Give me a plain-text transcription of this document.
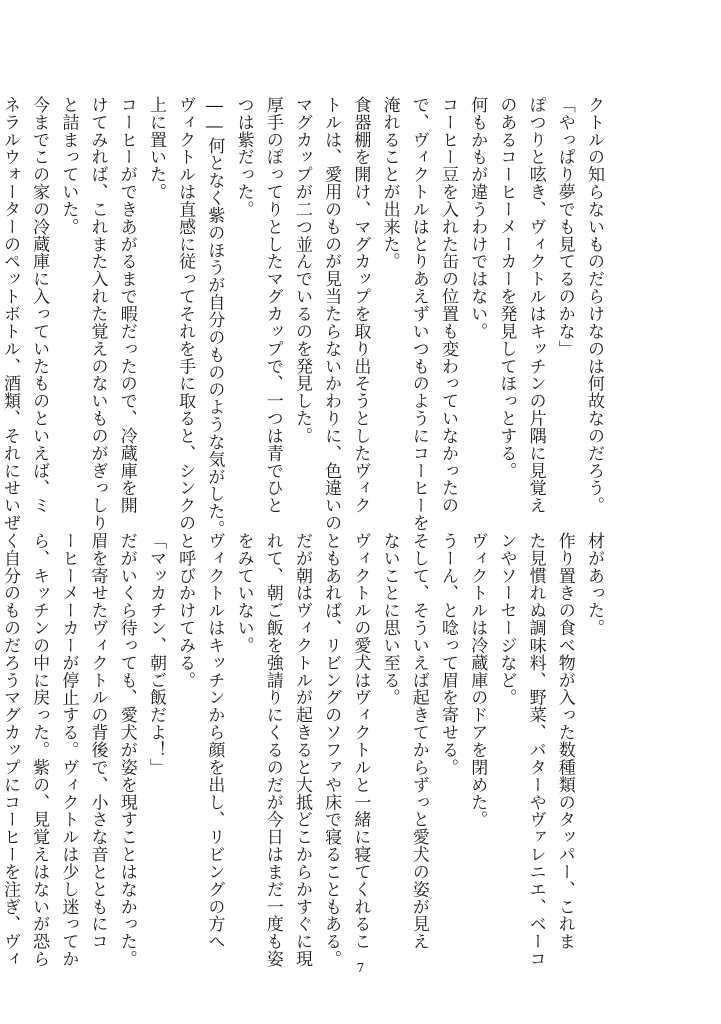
クトルの知らないものだらけなのは何故なのだろう。

「やっぱり夢でも見てるのかな」

ぽつりと呟き、ヴィクトルはキッチンの片隅に見覚え

のあるコーヒーメーカーを発見してほっとする。

何もかもが違うわけではない。

コーヒー豆を入れた缶の位置も変わっていなかったの

で、ヴィクトルはとりあえずいつものようにコーヒーを

淹れることが出来た。

食器棚を開け、マグカップを取り出そうとしたヴィク

トルは、愛用のものが見当たらないかわりに、色違いの

マグカップが二つ並んでいるのを発見した。

厚手のぽってりとしたマグカップで、一つは青でひと

つは紫だった。

――何となく紫のほうが自分のもののような気がした。

ヴィクトルは直感に従ってそれを手に取ると、シンクの

上に置いた。

コーヒーができあがるまで暇だったので、冷蔵庫を開

けてみれば、これまた入れた覚えのないものがぎっしり

と詰まっていた。

今までこの家の冷蔵庫に入っていたものといえば、ミ

ネラルウォーターのペットボトル、酒類、それにせいぜ

材があった。

作り置きの食べ物が入った数種類のタッパー、これま

た見慣れぬ調味料、野菜、バターやヴァレニエ、ベーコ

ンやソーセージなど。

ヴィクトルは冷蔵庫のドアを閉めた。

うーん、と唸って眉を寄せる。

そして、そういえば起きてからずっと愛犬の姿が見え

ないことに思い至る。

ヴィクトルの愛犬はヴィクトルと一緒に寝てくれるこ

ともあれば、リビングのソファや床で寝ることもある。

だが朝はヴィクトルが起きると大抵どこからかすぐに現

れて、朝ご飯を強請りにくるのだが今日はまだ一度も姿

をみていない。

ヴィクトルはキッチンから顔を出し、リビングの方へ

と呼びかけてみる。

「マッカチン、朝ご飯だよ！」

だがいくら待っても、愛犬が姿を現すことはなかった。

眉を寄せたヴィクトルの背後で、小さな音とともにコ

ーヒーメーカーが停止する。ヴィクトルは少し迷ってか

ら、キッチンの中に戻った。紫の、見覚えはないが恐ら

く自分のものだろうマグカップにコーヒーを注ぎ、ヴィ

7
